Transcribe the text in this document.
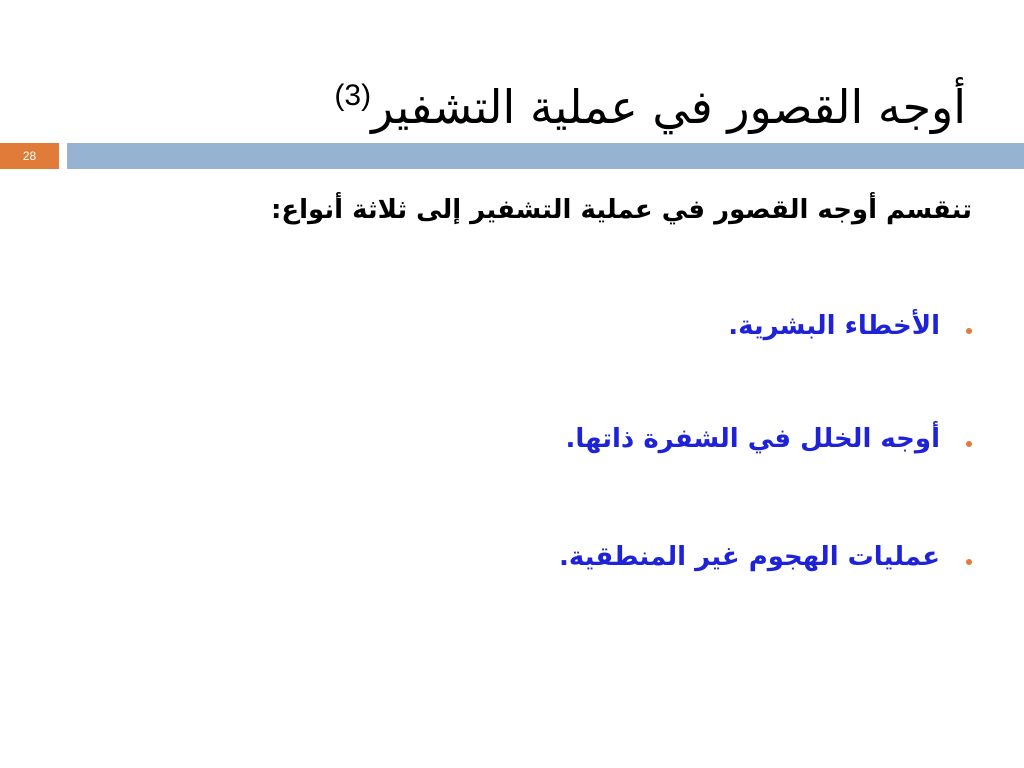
أوجه القصور في عملية التشفير$^{(3)}$
28
تنقسم أوجه القصور في عملية التشفير إلى ثلاثة أنواع:
الأخطاء البشرية.
أوجه الخلل في الشفرة ذاتها.
عمليات الهجوم غير المنطقية.
